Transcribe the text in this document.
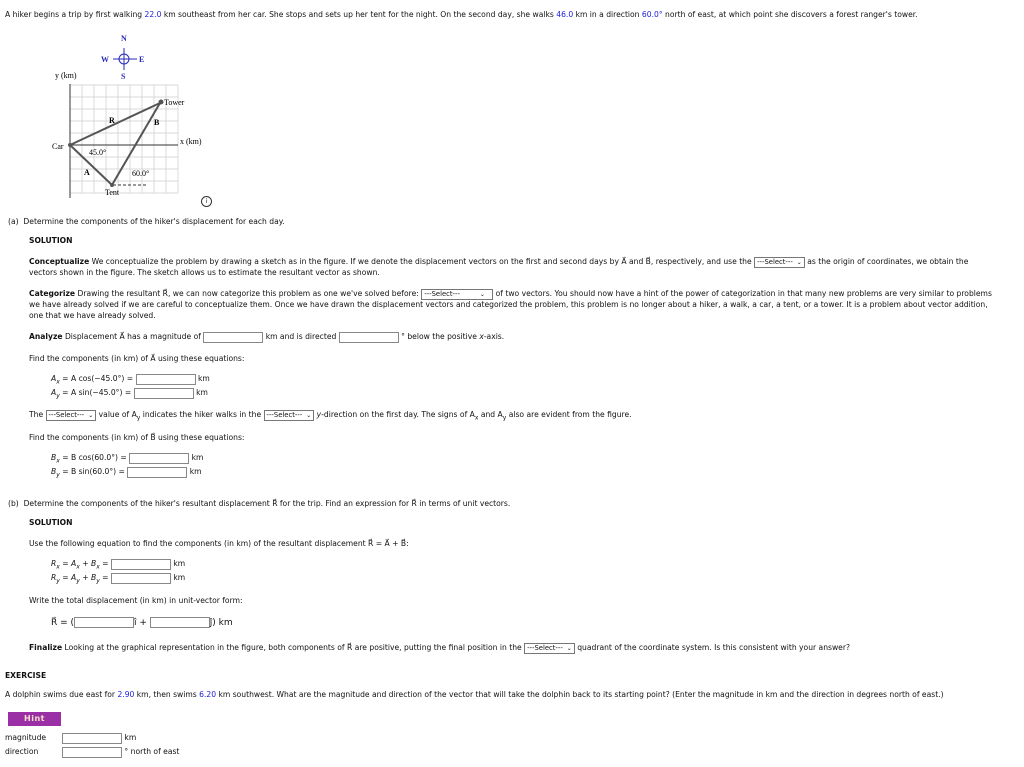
A hiker begins a trip by first walking 22.0 km southeast from her car. She stops and sets up her tent for the night. On the second day, she walks 46.0 km in a direction 60.0° north of east, at which point she discovers a forest ranger's tower.
N
W	E
S
y (km)
x (km)
Tower
Car
Tent
R
A
B
45.0°
60.0°
i
(a) Determine the components of the hiker's displacement for each day.
SOLUTION
Conceptualize We conceptualize the problem by drawing a sketch as in the figure. If we denote the displacement vectors on the first and second days by A⃗ and B⃗, respectively, and use the ---Select--- ⌄ as the origin of coordinates, we obtain the
vectors shown in the figure. The sketch allows us to estimate the resultant vector as shown.
Categorize Drawing the resultant R⃗, we can now categorize this problem as one we've solved before: ---Select---	⌄ of two vectors. You should now have a hint of the power of categorization in that many new problems are very similar to problems
we have already solved if we are careful to conceptualize them. Once we have drawn the displacement vectors and categorized the problem, this problem is no longer about a hiker, a walk, a car, a tent, or a tower. It is a problem about vector addition,
one that we have already solved.
Analyze Displacement A⃗ has a magnitude of	km and is directed	° below the positive x-axis.
Find the components (in km) of A⃗ using these equations:
$A_x = A$ cos(−45.0°) =	km
$A_y = A$ sin(−45.0°) =	km
The ---Select--- ⌄ value of $A_y$ indicates the hiker walks in the ---Select--- ⌄ y-direction on the first day. The signs of $A_x$ and $A_y$ also are evident from the figure.
Find the components (in km) of B⃗ using these equations:
$B_x = B$ cos(60.0°) =	km
$B_y = B$ sin(60.0°) =	km
(b) Determine the components of the hiker's resultant displacement R⃗ for the trip. Find an expression for R⃗ in terms of unit vectors.
SOLUTION
Use the following equation to find the components (in km) of the resultant displacement R⃗ = A⃗ + B⃗:
$R_x = A_x + B_x$ =	km
$R_y = A_y + B_y$ =	km
Write the total displacement (in km) in unit-vector form:
R⃗ = (	î +	ĵ) km
Finalize Looking at the graphical representation in the figure, both components of R⃗ are positive, putting the final position in the ---Select--- ⌄ quadrant of the coordinate system. Is this consistent with your answer?
EXERCISE
A dolphin swims due east for 2.90 km, then swims 6.20 km southwest. What are the magnitude and direction of the vector that will take the dolphin back to its starting point? (Enter the magnitude in km and the direction in degrees north of east.)
Hint
magnitude	km
direction	° north of east
